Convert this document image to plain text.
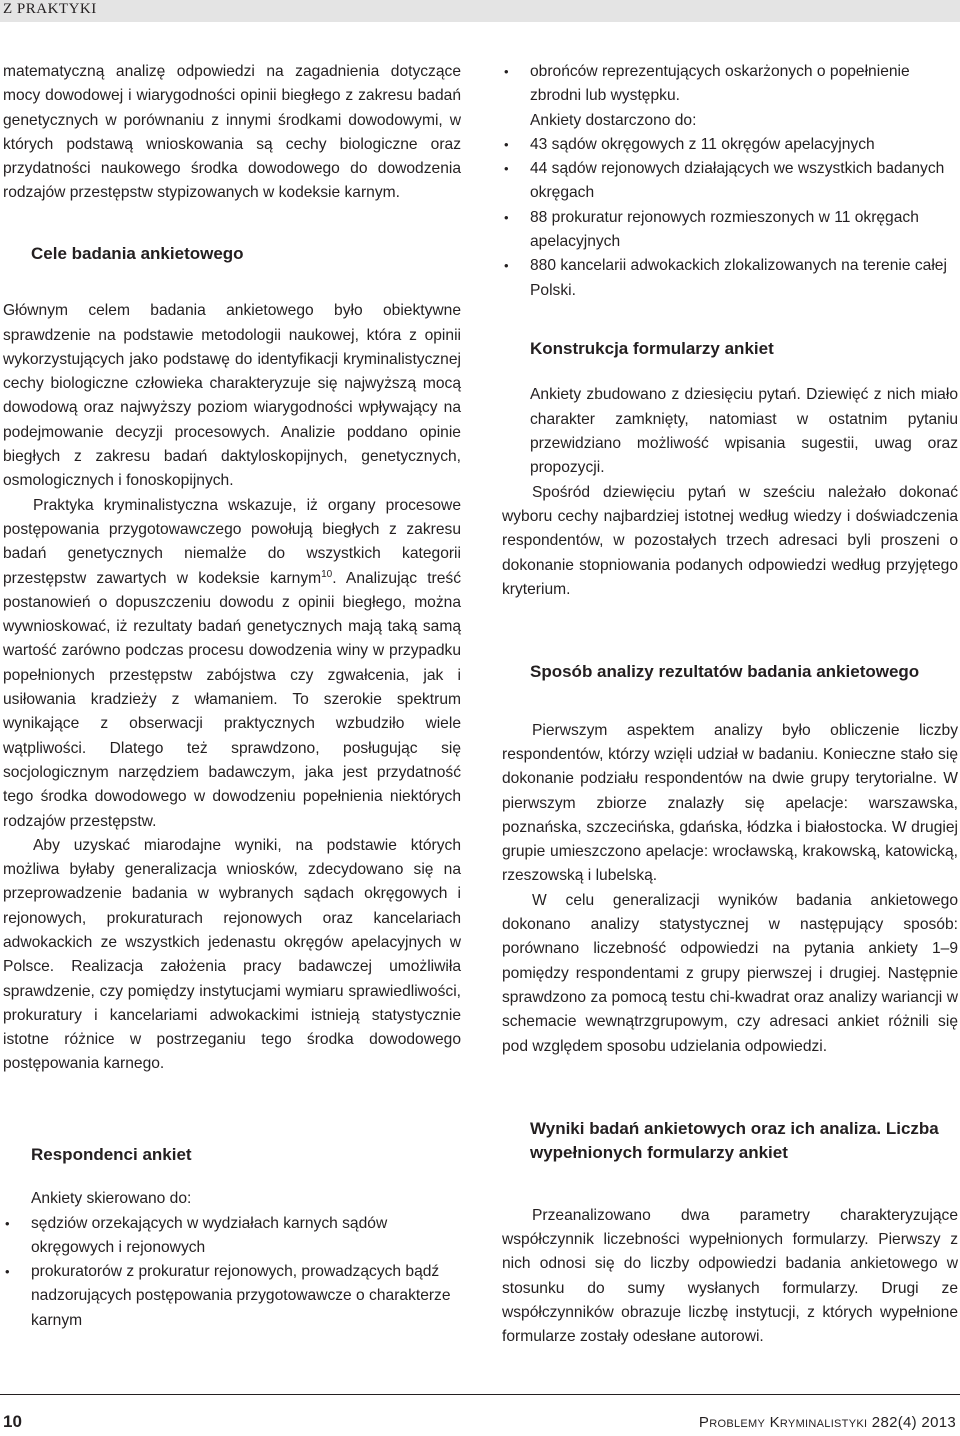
Z PRAKTYKI

matematyczną analizę odpowiedzi na zagadnienia dotyczące mocy dowodowej i wiarygodności opinii biegłego z zakresu badań genetycznych w porównaniu z innymi środkami dowodowymi, w których podstawą wnioskowania są cechy biologiczne oraz przydatności naukowego środka dowodowego do dowodzenia rodzajów przestępstw stypizowanych w kodeksie karnym.

Cele badania ankietowego

Głównym celem badania ankietowego było obiektywne sprawdzenie na podstawie metodologii naukowej, która z opinii wykorzystujących jako podstawę do identyfikacji kryminalistycznej cechy biologiczne człowieka charakteryzuje się najwyższą mocą dowodową oraz najwyższy poziom wiarygodności wpływający na podejmowanie decyzji procesowych. Analizie poddano opinie biegłych z zakresu badań daktyloskopijnych, genetycznych, osmologicznych i fonoskopijnych.

Praktyka kryminalistyczna wskazuje, iż organy procesowe postępowania przygotowawczego powołują biegłych z zakresu badań genetycznych niemalże do wszystkich kategorii przestępstw zawartych w kodeksie karnym$^{10}$. Analizując treść postanowień o dopuszczeniu dowodu z opinii biegłego, można wywnioskować, iż rezultaty badań genetycznych mają taką samą wartość zarówno podczas procesu dowodzenia winy w przypadku popełnionych przestępstw zabójstwa czy zgwałcenia, jak i usiłowania kradzieży z włamaniem. To szerokie spektrum wynikające z obserwacji praktycznych wzbudziło wiele wątpliwości. Dlatego też sprawdzono, posługując się socjologicznym narzędziem badawczym, jaka jest przydatność tego środka dowodowego w dowodzeniu popełnienia niektórych rodzajów przestępstw.

Aby uzyskać miarodajne wyniki, na podstawie których możliwa byłaby generalizacja wniosków, zdecydowano się na przeprowadzenie badania w wybranych sądach okręgowych i rejonowych, prokuraturach rejonowych oraz kancelariach adwokackich ze wszystkich jedenastu okręgów apelacyjnych w Polsce. Realizacja założenia pracy badawczej umożliwiła sprawdzenie, czy pomiędzy instytucjami wymiaru sprawiedliwości, prokuratury i kancelariami adwokackimi istnieją statystycznie istotne różnice w postrzeganiu tego środka dowodowego postępowania karnego.

Respondenci ankiet

Ankiety skierowano do:

• sędziów orzekających w wydziałach karnych sądów okręgowych i rejonowych
• prokuratorów z prokuratur rejonowych, prowadzących bądź nadzorujących postępowania przygotowawcze o charakterze karnym
• obrońców reprezentujących oskarżonych o popełnienie zbrodni lub występku.

Ankiety dostarczono do:

• 43 sądów okręgowych z 11 okręgów apelacyjnych
• 44 sądów rejonowych działających we wszystkich badanych okręgach
• 88 prokuratur rejonowych rozmieszonych w 11 okręgach apelacyjnych
• 880 kancelarii adwokackich zlokalizowanych na terenie całej Polski.
Konstrukcja formularzy ankiet

Ankiety zbudowano z dziesięciu pytań. Dziewięć z nich miało charakter zamknięty, natomiast w ostatnim pytaniu przewidziano możliwość wpisania sugestii, uwag oraz propozycji.

Spośród dziewięciu pytań w sześciu należało dokonać wyboru cechy najbardziej istotnej według wiedzy i doświadczenia respondentów, w pozostałych trzech adresaci byli proszeni o dokonanie stopniowania podanych odpowiedzi według przyjętego kryterium.

Sposób analizy rezultatów badania ankietowego

Pierwszym aspektem analizy było obliczenie liczby respondentów, którzy wzięli udział w badaniu. Konieczne stało się dokonanie podziału respondentów na dwie grupy terytorialne. W pierwszym zbiorze znalazły się apelacje: warszawska, poznańska, szczecińska, gdańska, łódzka i białostocka. W drugiej grupie umieszczono apelacje: wrocławską, krakowską, katowicką, rzeszowską i lubelską.

W celu generalizacji wyników badania ankietowego dokonano analizy statystycznej w następujący sposób: porównano liczebność odpowiedzi na pytania ankiety 1–9 pomiędzy respondentami z grupy pierwszej i drugiej. Następnie sprawdzono za pomocą testu chi-kwadrat oraz analizy wariancji w schemacie wewnątrzgrupowym, czy adresaci ankiet różnili się pod względem sposobu udzielania odpowiedzi.

Wyniki badań ankietowych oraz ich analiza. Liczba wypełnionych formularzy ankiet

Przeanalizowano dwa parametry charakteryzujące współczynnik liczebności wypełnionych formularzy. Pierwszy z nich odnosi się do liczby odpowiedzi badania ankietowego w stosunku do sumy wysłanych formularzy. Drugi ze współczynników obrazuje liczbę instytucji, z których wypełnione formularze zostały odesłane autorowi.

10	Problemy Kryminalistyki 282(4) 2013
